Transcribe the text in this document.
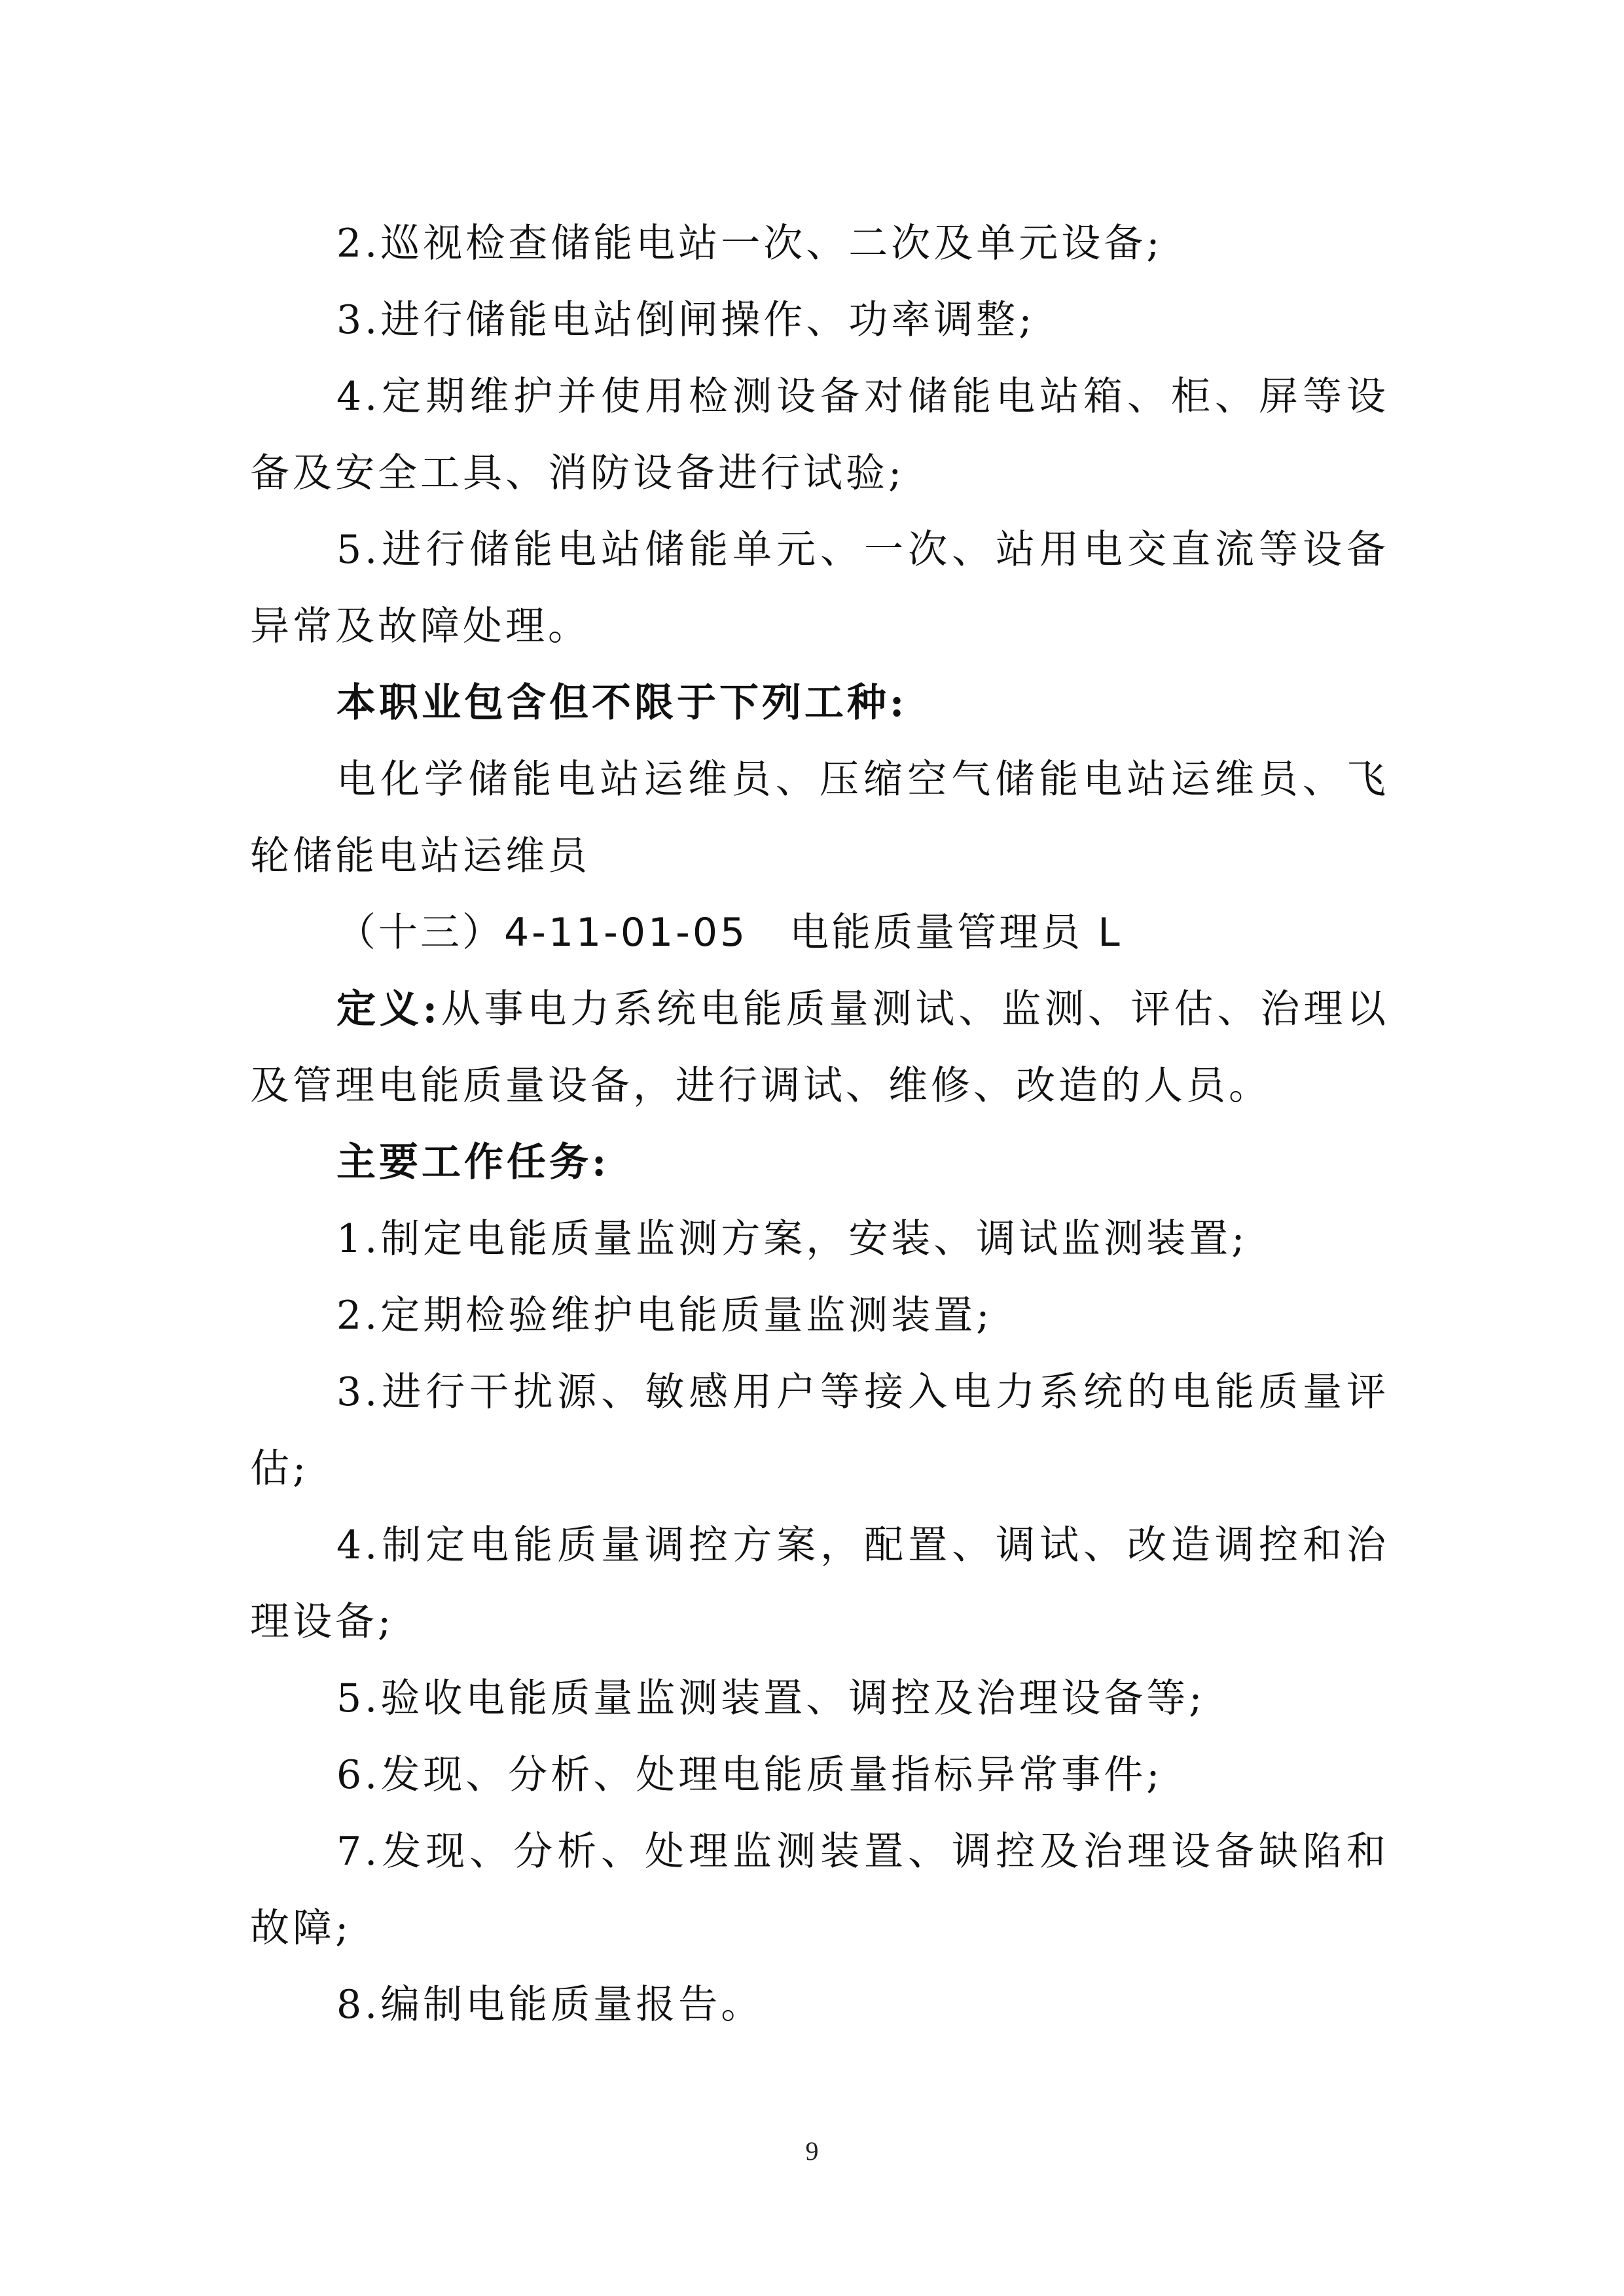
2.巡视检查储能电站一次、二次及单元设备;

3.进行储能电站倒闸操作、功率调整;

4.定期维护并使用检测设备对储能电站箱、柜、屏等设备及安全工具、消防设备进行试验;

5.进行储能电站储能单元、一次、站用电交直流等设备异常及故障处理。

本职业包含但不限于下列工种:

电化学储能电站运维员、压缩空气储能电站运维员、飞轮储能电站运维员

（十三）4-11-01-05　电能质量管理员 L

定义:从事电力系统电能质量测试、监测、评估、治理以及管理电能质量设备，进行调试、维修、改造的人员。

主要工作任务:

1.制定电能质量监测方案，安装、调试监测装置;

2.定期检验维护电能质量监测装置;

3.进行干扰源、敏感用户等接入电力系统的电能质量评估;

4.制定电能质量调控方案，配置、调试、改造调控和治理设备;

5.验收电能质量监测装置、调控及治理设备等;

6.发现、分析、处理电能质量指标异常事件;

7.发现、分析、处理监测装置、调控及治理设备缺陷和故障;

8.编制电能质量报告。

9
